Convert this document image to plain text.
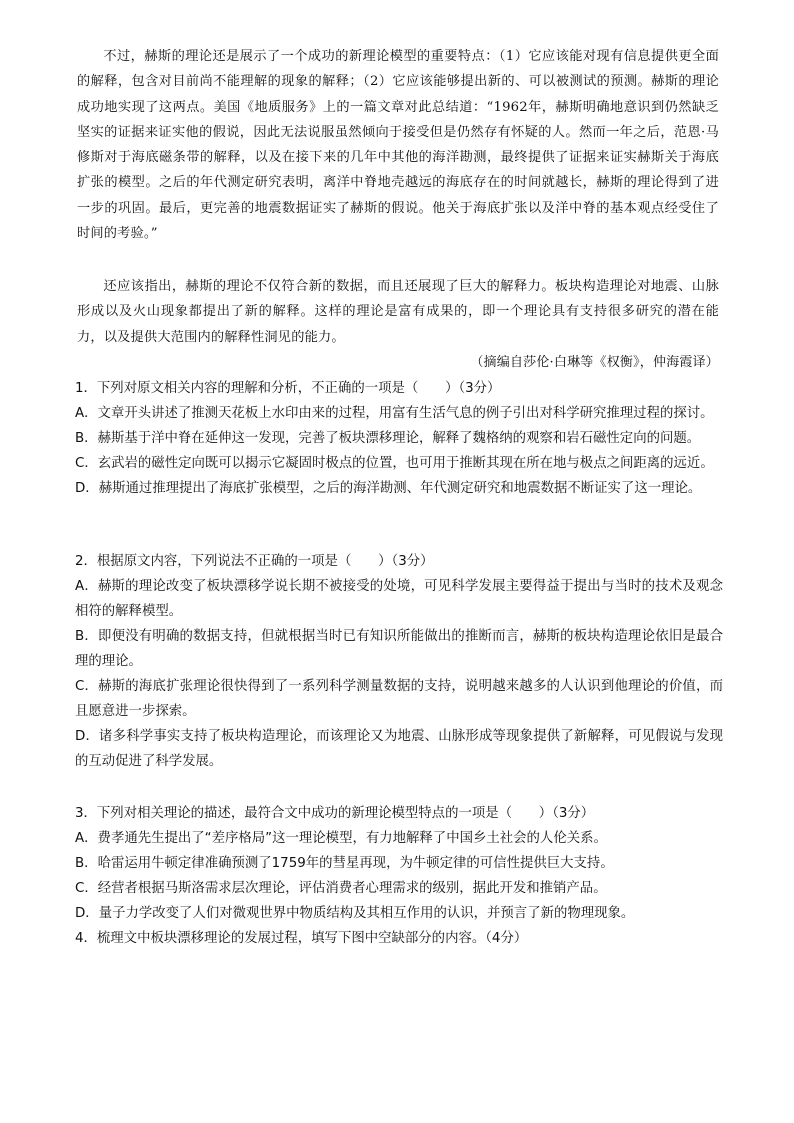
不过，赫斯的理论还是展示了一个成功的新理论模型的重要特点：（1）它应该能对现有信息提供更全面的解释，包含对目前尚不能理解的现象的解释；（2）它应该能够提出新的、可以被测试的预测。赫斯的理论成功地实现了这两点。美国《地质服务》上的一篇文章对此总结道：“1962年，赫斯明确地意识到仍然缺乏坚实的证据来证实他的假说，因此无法说服虽然倾向于接受但是仍然存有怀疑的人。然而一年之后，范恩·马修斯对于海底磁条带的解释，以及在接下来的几年中其他的海洋勘测，最终提供了证据来证实赫斯关于海底扩张的模型。之后的年代测定研究表明，离洋中脊地壳越远的海底存在的时间就越长，赫斯的理论得到了进一步的巩固。最后，更完善的地震数据证实了赫斯的假说。他关于海底扩张以及洋中脊的基本观点经受住了时间的考验。”

还应该指出，赫斯的理论不仅符合新的数据，而且还展现了巨大的解释力。板块构造理论对地震、山脉形成以及火山现象都提出了新的解释。这样的理论是富有成果的，即一个理论具有支持很多研究的潜在能力，以及提供大范围内的解释性洞见的能力。

（摘编自莎伦·白琳等《权衡》，仲海霞译）

1．下列对原文相关内容的理解和分析，不正确的一项是（　　）（3分）

A．文章开头讲述了推测天花板上水印由来的过程，用富有生活气息的例子引出对科学研究推理过程的探讨。

B．赫斯基于洋中脊在延伸这一发现，完善了板块漂移理论，解释了魏格纳的观察和岩石磁性定向的问题。

C．玄武岩的磁性定向既可以揭示它凝固时极点的位置，也可用于推断其现在所在地与极点之间距离的远近。

D．赫斯通过推理提出了海底扩张模型，之后的海洋勘测、年代测定研究和地震数据不断证实了这一理论。

2．根据原文内容，下列说法不正确的一项是（　　）（3分）

A．赫斯的理论改变了板块漂移学说长期不被接受的处境，可见科学发展主要得益于提出与当时的技术及观念相符的解释模型。

B．即便没有明确的数据支持，但就根据当时已有知识所能做出的推断而言，赫斯的板块构造理论依旧是最合理的理论。

C．赫斯的海底扩张理论很快得到了一系列科学测量数据的支持，说明越来越多的人认识到他理论的价值，而且愿意进一步探索。

D．诸多科学事实支持了板块构造理论，而该理论又为地震、山脉形成等现象提供了新解释，可见假说与发现的互动促进了科学发展。

3．下列对相关理论的描述，最符合文中成功的新理论模型特点的一项是（　　）（3分）

A．费孝通先生提出了“差序格局”这一理论模型，有力地解释了中国乡土社会的人伦关系。

B．哈雷运用牛顿定律准确预测了1759年的彗星再现，为牛顿定律的可信性提供巨大支持。

C．经营者根据马斯洛需求层次理论，评估消费者心理需求的级别，据此开发和推销产品。

D．量子力学改变了人们对微观世界中物质结构及其相互作用的认识，并预言了新的物理现象。

4．梳理文中板块漂移理论的发展过程，填写下图中空缺部分的内容。（4分）
